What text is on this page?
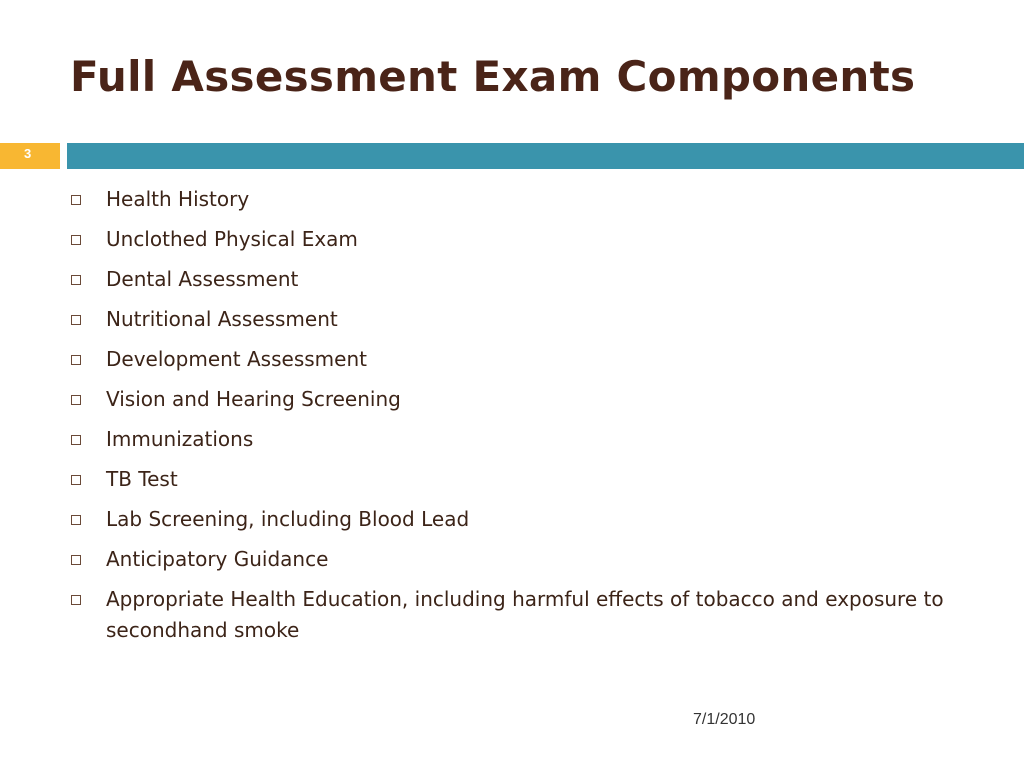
Full Assessment Exam Components
3
Health History
Unclothed Physical Exam
Dental Assessment
Nutritional Assessment
Development Assessment
Vision and Hearing Screening
Immunizations
TB Test
Lab Screening, including Blood Lead
Anticipatory Guidance
Appropriate Health Education, including harmful effects of tobacco and exposure to secondhand smoke
7/1/2010
